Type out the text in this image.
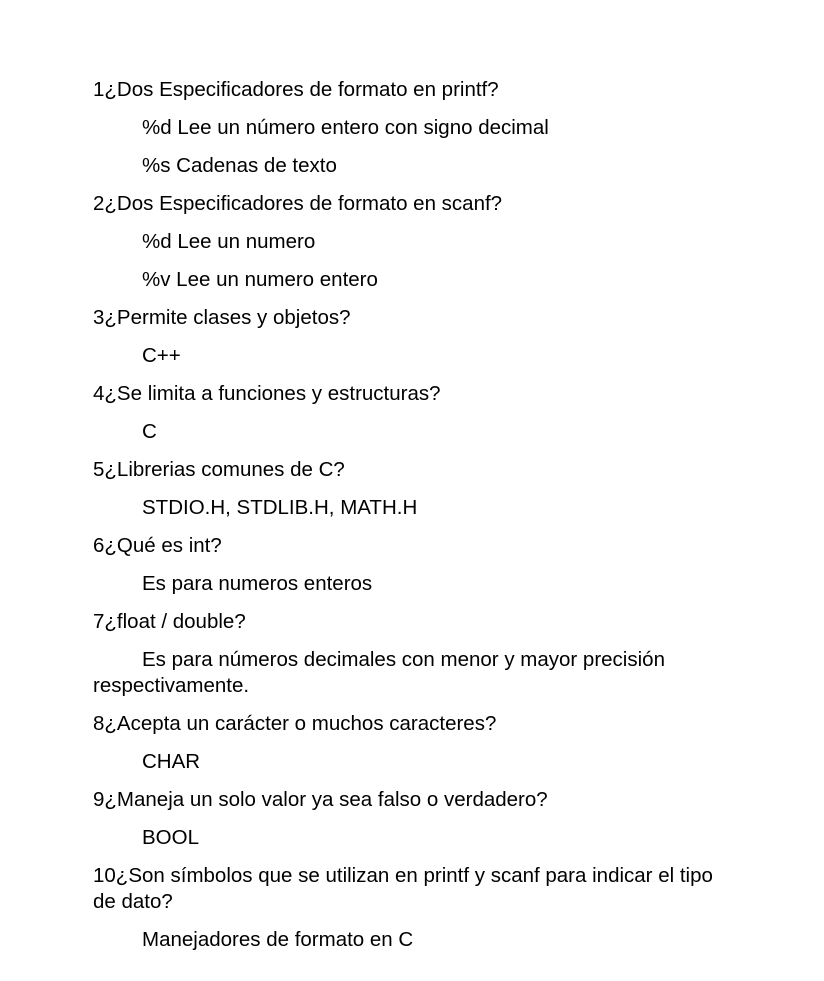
1¿Dos Especificadores de formato en printf?

%d Lee un número entero con signo decimal

%s Cadenas de texto

2¿Dos Especificadores de formato en scanf?

%d Lee un numero

%v Lee un numero entero

3¿Permite clases y objetos?

C++

4¿Se limita a funciones y estructuras?

C

5¿Librerias comunes de C?

STDIO.H, STDLIB.H, MATH.H

6¿Qué es int?

Es para numeros enteros

7¿float / double?

Es para números decimales con menor y mayor precisión respectivamente.

8¿Acepta un carácter o muchos caracteres?

CHAR

9¿Maneja un solo valor ya sea falso o verdadero?

BOOL

10¿Son símbolos que se utilizan en printf y scanf para indicar el tipo de dato?

Manejadores de formato en C
